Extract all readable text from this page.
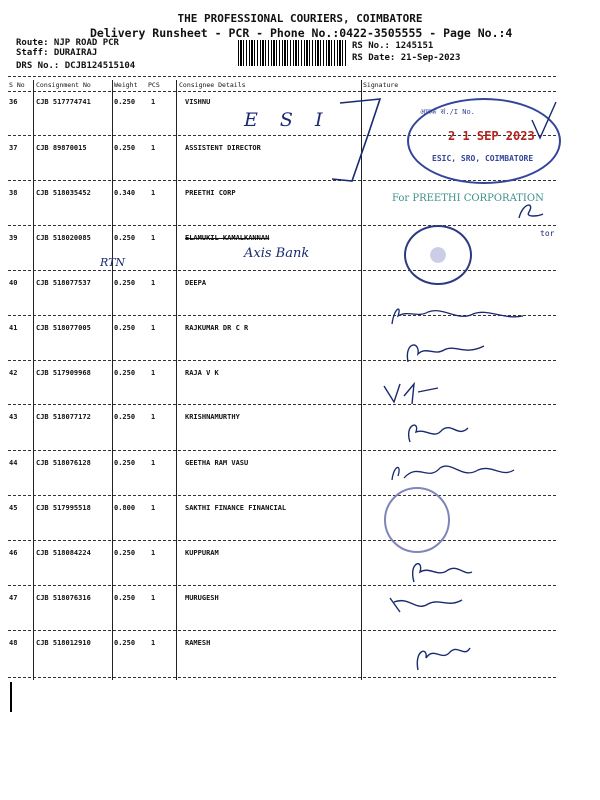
THE PROFESSIONAL COURIERS, COIMBATORE
Delivery Runsheet - PCR - Phone No.:0422-3505555 - Page No.:4
Route: NJP ROAD PCR
Staff: DURAIRAJ
DRS No.: DCJB124515104
RS No.: 1245151
RS Date: 21-Sep-2023
S No Consignment No	Weight PCS	Consignee Details	Signature
36	CJB 517774741	0.250 1	VISHNU
37	CJB 89870015	0.250 1	ASSISTENT DIRECTOR
38	CJB 518035452	0.340 1	PREETHI CORP
39	CJB 518020085	0.250 1	ELAMUKIL KAMALKANNAN
40	CJB 518077537	0.250 1	DEEPA
41	CJB 518077005	0.250 1	RAJKUMAR DR C R
42	CJB 517909968	0.250 1	RAJA V K
43	CJB 518077172	0.250 1	KRISHNAMURTHY
44	CJB 518076128	0.250 1	GEETHA RAM VASU
45	CJB 517995518	0.800 1	SAKTHI FINANCE FINANCIAL
46	CJB 518084224	0.250 1	KUPPURAM
47	CJB 518076316	0.250 1	MURUGESH
48	CJB 518012910	0.250 1	RAMESH
E S I	आवक सं./I No.
2 1 SEP 2023
ESIC, SRO, COIMBATORE
For PREETHI CORPORATION
tor
Axis Bank
RTN
